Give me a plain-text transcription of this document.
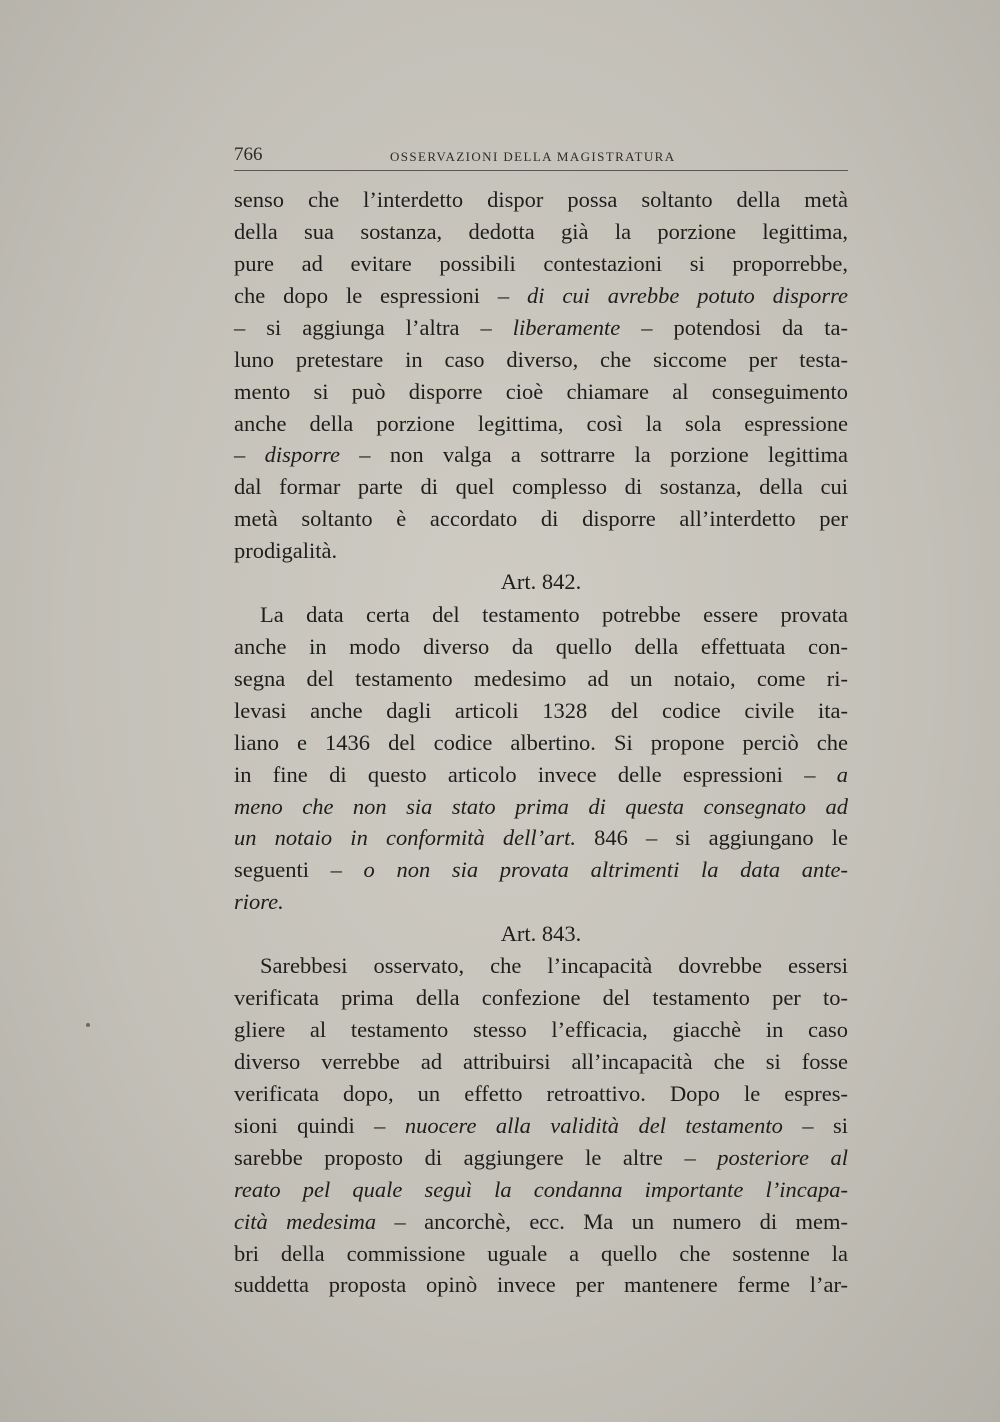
766	OSSERVAZIONI DELLA MAGISTRATURA
senso che l’interdetto dispor possa soltanto della metà
della sua sostanza, dedotta già la porzione legittima,
pure ad evitare possibili contestazioni si proporrebbe,
che dopo le espressioni – di cui avrebbe potuto disporre
– si aggiunga l’altra – liberamente – potendosi da ta-
luno pretestare in caso diverso, che siccome per testa-
mento si può disporre cioè chiamare al conseguimento
anche della porzione legittima, così la sola espressione
– disporre – non valga a sottrarre la porzione legittima
dal formar parte di quel complesso di sostanza, della cui
metà soltanto è accordato di disporre all’interdetto per
prodigalità.
Art. 842.
La data certa del testamento potrebbe essere provata
anche in modo diverso da quello della effettuata con-
segna del testamento medesimo ad un notaio, come ri-
levasi anche dagli articoli 1328 del codice civile ita-
liano e 1436 del codice albertino. Si propone perciò che
in fine di questo articolo invece delle espressioni – a
meno che non sia stato prima di questa consegnato ad
un notaio in conformità dell’art. 846 – si aggiungano le
seguenti – o non sia provata altrimenti la data ante-
riore.
Art. 843.
Sarebbesi osservato, che l’incapacità dovrebbe essersi
verificata prima della confezione del testamento per to-
gliere al testamento stesso l’efficacia, giacchè in caso
diverso verrebbe ad attribuirsi all’incapacità che si fosse
verificata dopo, un effetto retroattivo. Dopo le espres-
sioni quindi – nuocere alla validità del testamento – si
sarebbe proposto di aggiungere le altre – posteriore al
reato pel quale seguì la condanna importante l’incapa-
cità medesima – ancorchè, ecc. Ma un numero di mem-
bri della commissione uguale a quello che sostenne la
suddetta proposta opinò invece per mantenere ferme l’ar-
